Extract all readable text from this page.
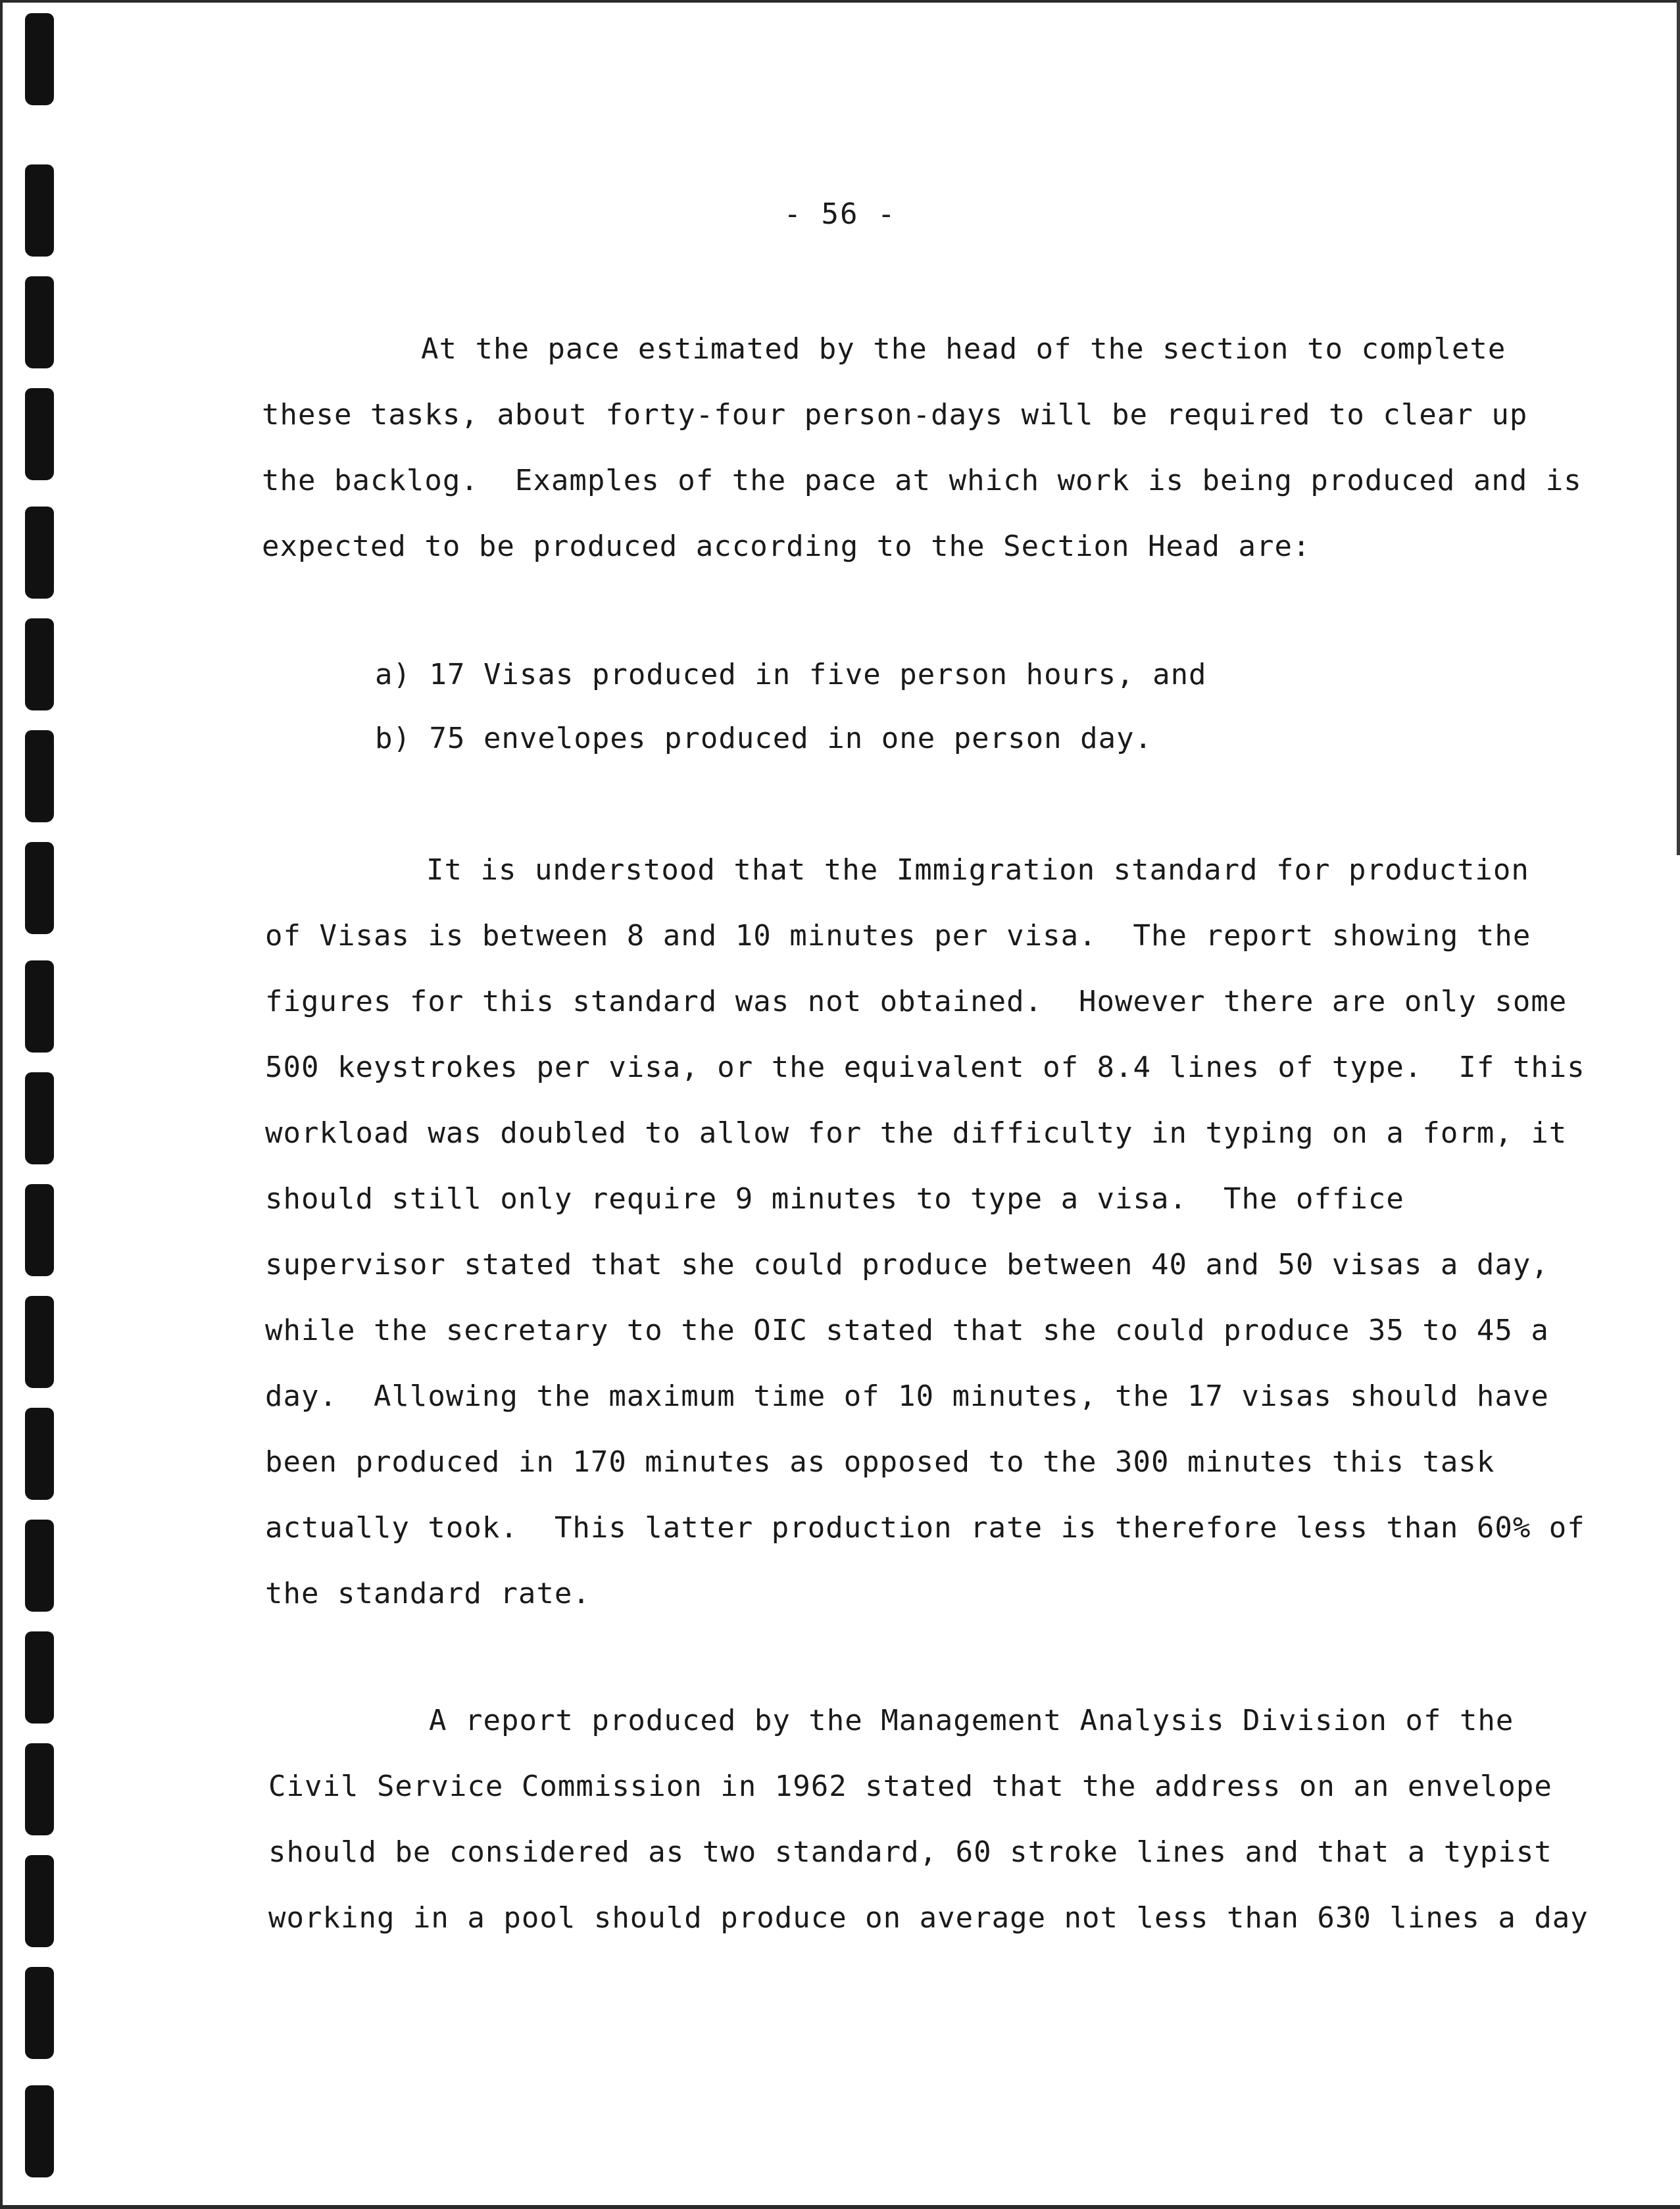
- 56 -
At the pace estimated by the head of the section to complete
these tasks, about forty-four person-days will be required to clear up
the backlog.  Examples of the pace at which work is being produced and is
expected to be produced according to the Section Head are:
a) 17 Visas produced in five person hours, and
b) 75 envelopes produced in one person day.
It is understood that the Immigration standard for production
of Visas is between 8 and 10 minutes per visa.  The report showing the
figures for this standard was not obtained.  However there are only some
500 keystrokes per visa, or the equivalent of 8.4 lines of type.  If this
workload was doubled to allow for the difficulty in typing on a form, it
should still only require 9 minutes to type a visa.  The office
supervisor stated that she could produce between 40 and 50 visas a day,
while the secretary to the OIC stated that she could produce 35 to 45 a
day.  Allowing the maximum time of 10 minutes, the 17 visas should have
been produced in 170 minutes as opposed to the 300 minutes this task
actually took.  This latter production rate is therefore less than 60% of
the standard rate.
A report produced by the Management Analysis Division of the
Civil Service Commission in 1962 stated that the address on an envelope
should be considered as two standard, 60 stroke lines and that a typist
working in a pool should produce on average not less than 630 lines a day
